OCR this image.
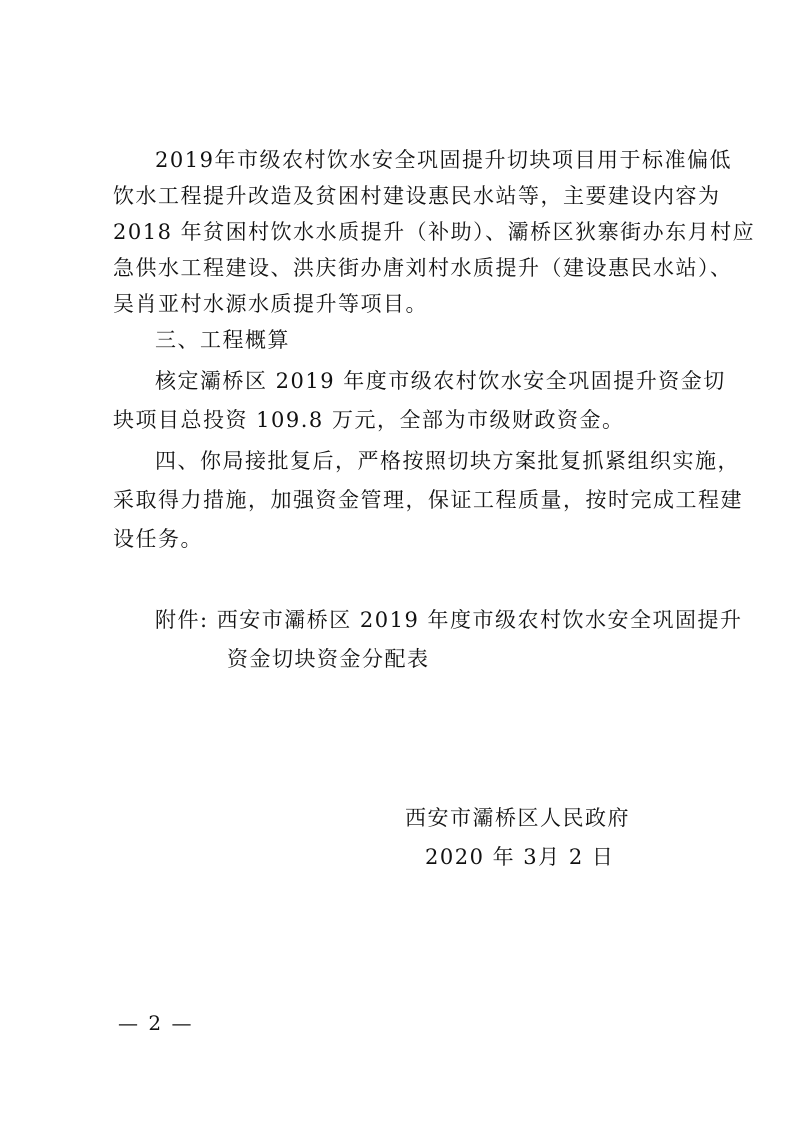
2019年市级农村饮水安全巩固提升切块项目用于标准偏低
饮水工程提升改造及贫困村建设惠民水站等，主要建设内容为
2018 年贫困村饮水水质提升（补助）、灞桥区狄寨街办东月村应
急供水工程建设、洪庆街办唐刘村水质提升（建设惠民水站）、
吴肖亚村水源水质提升等项目。
三、工程概算
核定灞桥区 2019 年度市级农村饮水安全巩固提升资金切
块项目总投资 109.8 万元，全部为市级财政资金。
四、你局接批复后，严格按照切块方案批复抓紧组织实施，
采取得力措施，加强资金管理，保证工程质量，按时完成工程建
设任务。
附件: 西安市灞桥区 2019 年度市级农村饮水安全巩固提升
资金切块资金分配表
西安市灞桥区人民政府
2020 年 3月 2 日
— 2 —
